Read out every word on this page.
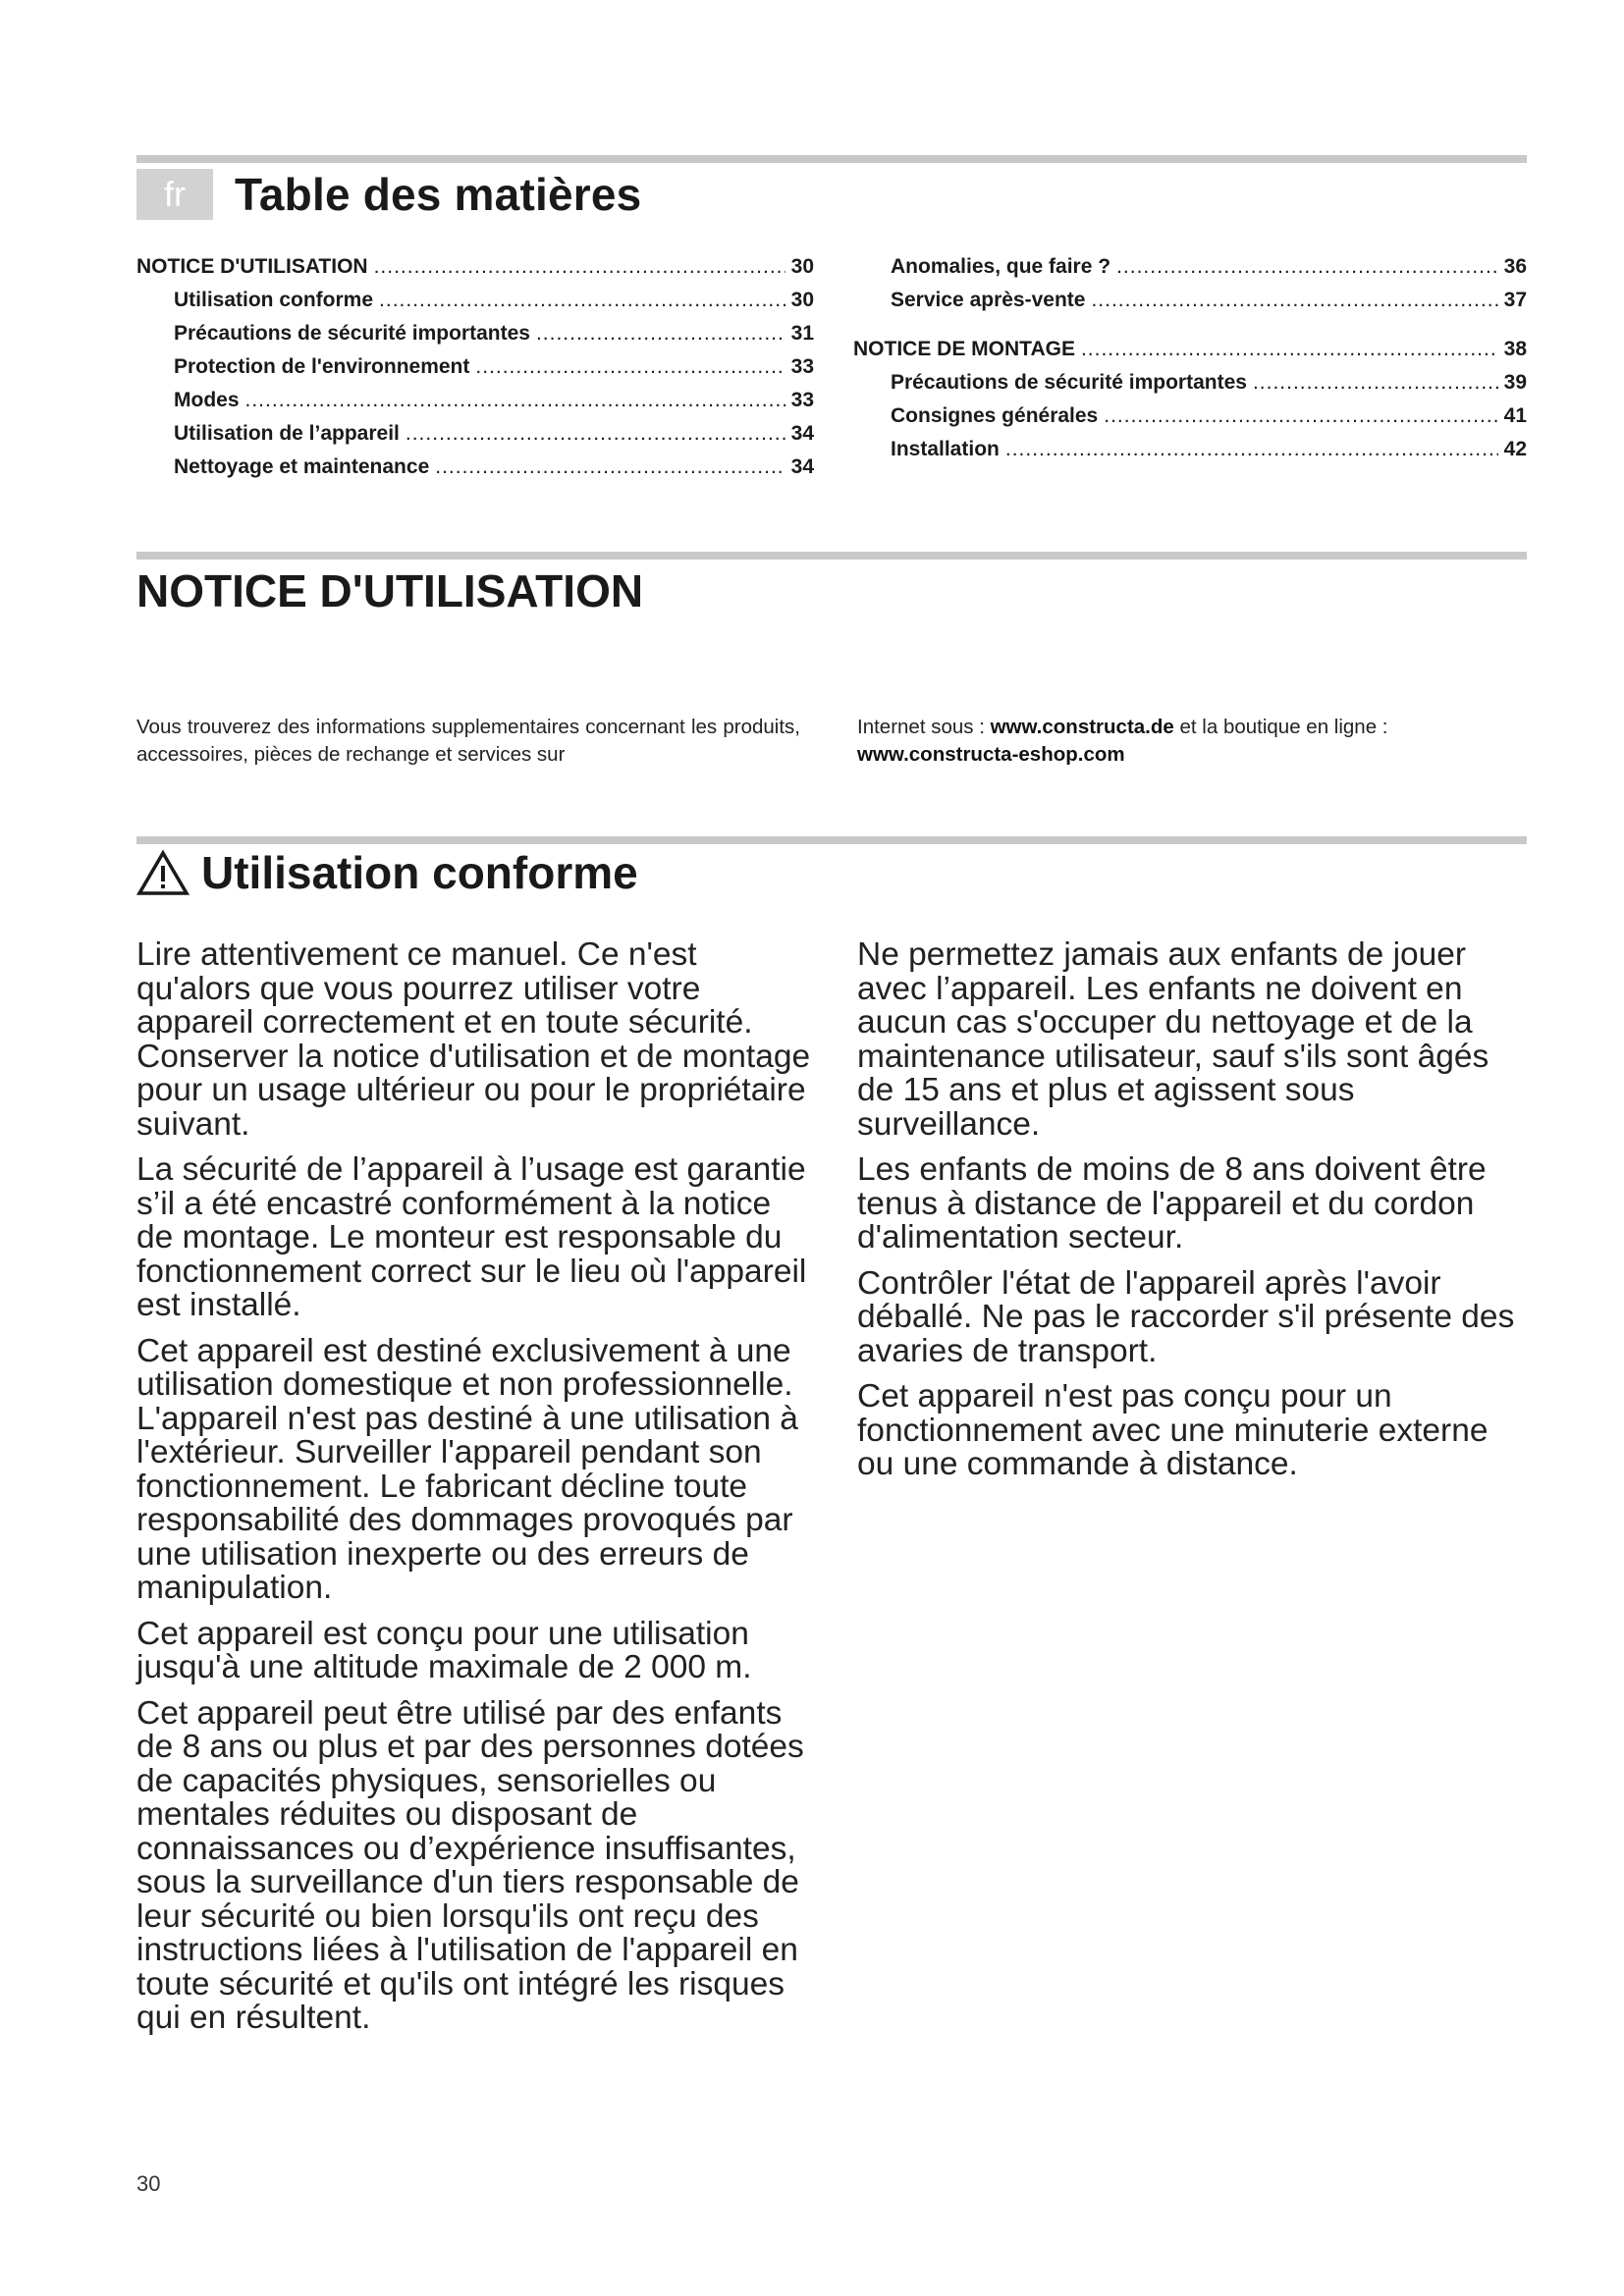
fr	Table des matières
NOTICE D'UTILISATION .....	30
Utilisation conforme .....	30
Précautions de sécurité importantes .....	31
Protection de l'environnement .....	33
Modes .....	33
Utilisation de l’appareil .....	34
Nettoyage et maintenance .....	34
Anomalies, que faire ? .....	36
Service après-vente .....	37
NOTICE DE MONTAGE .....	38
Précautions de sécurité importantes .....	39
Consignes générales .....	41
Installation .....	42
NOTICE D'UTILISATION
Vous trouverez des informations supplementaires concernant les produits, accessoires, pièces de rechange et services sur
Internet sous : www.constructa.de et la boutique en ligne :
www.constructa-eshop.com
Utilisation conforme

Lire attentivement ce manuel. Ce n'est qu'alors que vous pourrez utiliser votre appareil correctement et en toute sécurité. Conserver la notice d'utilisation et de montage pour un usage ultérieur ou pour le propriétaire suivant.

La sécurité de l’appareil à l’usage est garantie s’il a été encastré conformément à la notice de montage. Le monteur est responsable du fonctionnement correct sur le lieu où l'appareil est installé.

Cet appareil est destiné exclusivement à une utilisation domestique et non professionnelle. L'appareil n'est pas destiné à une utilisation à l'extérieur. Surveiller l'appareil pendant son fonctionnement. Le fabricant décline toute responsabilité des dommages provoqués par une utilisation inexperte ou des erreurs de manipulation.

Cet appareil est conçu pour une utilisation jusqu'à une altitude maximale de 2 000 m.

Cet appareil peut être utilisé par des enfants de 8 ans ou plus et par des personnes dotées de capacités physiques, sensorielles ou mentales réduites ou disposant de connaissances ou d’expérience insuffisantes, sous la surveillance d'un tiers responsable de leur sécurité ou bien lorsqu'ils ont reçu des instructions liées à l'utilisation de l'appareil en toute sécurité et qu'ils ont intégré les risques qui en résultent.

Ne permettez jamais aux enfants de jouer avec l’appareil. Les enfants ne doivent en aucun cas s'occuper du nettoyage et de la maintenance utilisateur, sauf s'ils sont âgés de 15 ans et plus et agissent sous surveillance.

Les enfants de moins de 8 ans doivent être tenus à distance de l'appareil et du cordon d'alimentation secteur.

Contrôler l'état de l'appareil après l'avoir déballé. Ne pas le raccorder s'il présente des avaries de transport.

Cet appareil n'est pas conçu pour un fonctionnement avec une minuterie externe ou une commande à distance.

30
